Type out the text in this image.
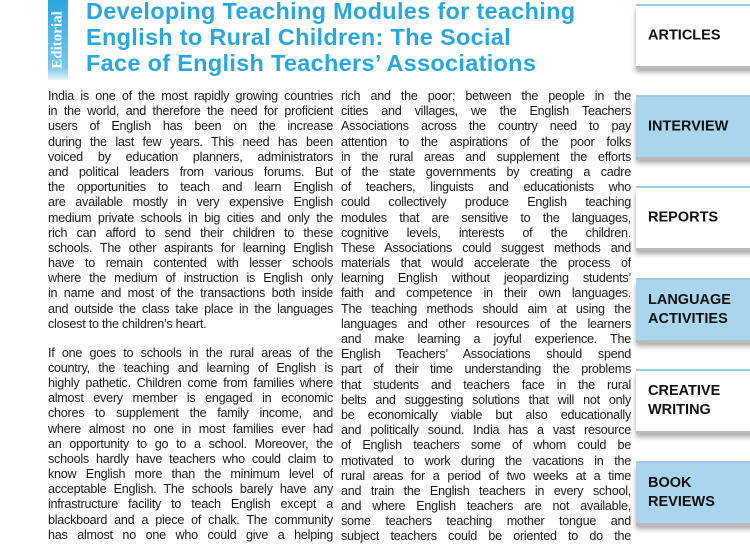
Editorial
Developing Teaching Modules for teaching
English to Rural Children: The Social
Face of English Teachers’ Associations
India is one of the most rapidly growing countries
in the world, and therefore the need for proficient
users of English has been on the increase
during the last few years. This need has been
voiced by education planners, administrators
and political leaders from various forums. But
the opportunities to teach and learn English
are available mostly in very expensive English
medium private schools in big cities and only the
rich can afford to send their children to these
schools. The other aspirants for learning English
have to remain contented with lesser schools
where the medium of instruction is English only
in name and most of the transactions both inside
and outside the class take place in the languages
closest to the children’s heart.
If one goes to schools in the rural areas of the
country, the teaching and learning of English is
highly pathetic. Children come from families where
almost every member is engaged in economic
chores to supplement the family income, and
where almost no one in most families ever had
an opportunity to go to a school. Moreover, the
schools hardly have teachers who could claim to
know English more than the minimum level of
acceptable English. The schools barely have any
infrastructure facility to teach English except a
blackboard and a piece of chalk. The community
has almost no one who could give a helping
rich and the poor; between the people in the
cities and villages, we the English Teachers
Associations across the country need to pay
attention to the aspirations of the poor folks
in the rural areas and supplement the efforts
of the state governments by creating a cadre
of teachers, linguists and educationists who
could collectively produce English teaching
modules that are sensitive to the languages,
cognitive levels, interests of the children.
These Associations could suggest methods and
materials that would accelerate the process of
learning English without jeopardizing students’
faith and competence in their own languages.
The teaching methods should aim at using the
languages and other resources of the learners
and make learning a joyful experience. The
English Teachers’ Associations should spend
part of their time understanding the problems
that students and teachers face in the rural
belts and suggesting solutions that will not only
be economically viable but also educationally
and politically sound. India has a vast resource
of English teachers some of whom could be
motivated to work during the vacations in the
rural areas for a period of two weeks at a time
and train the English teachers in every school,
and where English teachers are not available,
some teachers teaching mother tongue and
subject teachers could be oriented to do the
ARTICLES
INTERVIEW
REPORTS
LANGUAGE
ACTIVITIES
CREATIVE
WRITING
BOOK
REVIEWS
